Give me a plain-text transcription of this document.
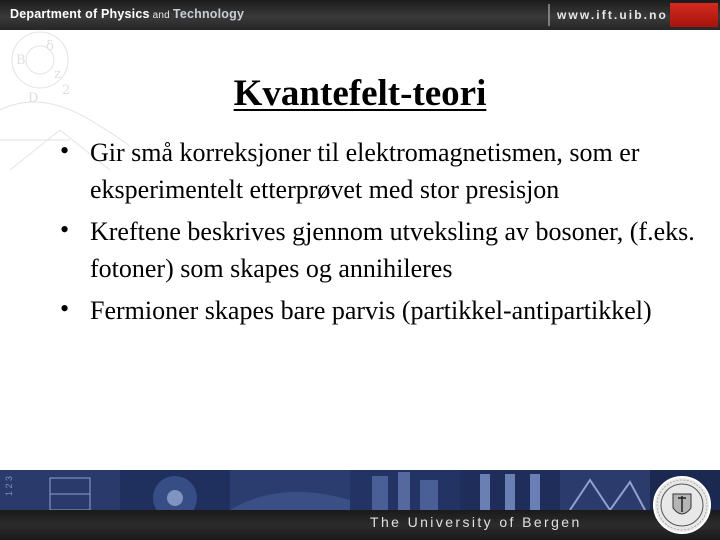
Department of Physics and Technology	www.ift.uib.no
B
δ
z
D
2	Kvantefelt-teori
• Gir små korreksjoner til elektromagnetismen, som er eksperimentelt etterprøvet med stor presisjon
• Kreftene beskrives gjennom utveksling av bosoner, (f.eks. fotoner) som skapes og annihileres
• Fermioner skapes bare parvis (partikkel-antipartikkel)
1 2 3
The University of Bergen
